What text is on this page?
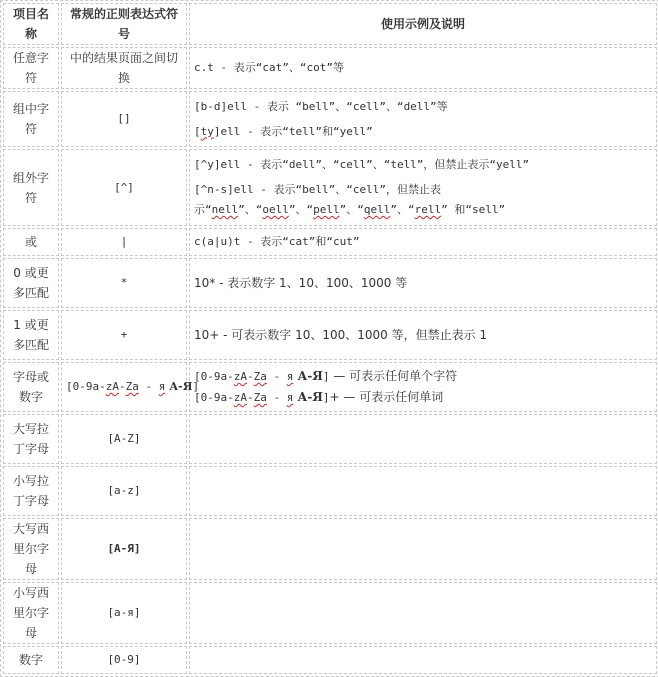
项目名称	常规的正则表达式符号	使用示例及说明
任意字符	中的结果页面之间切换	c.t - 表示“cat”、“cot”等

组中字符	[]	[b-d]ell - 表示 “bell”、“cell”、“dell”等
[ty]ell - 表示“tell”和“yell”

组外字符	[^]	[^y]ell - 表示“dell”、“cell”、“tell”，但禁止表示“yell”
[^n-s]ell - 表示“bell”、“cell”，但禁止表示“nell”、“oell”、“pell”、“qell”、“rell” 和“sell”

或	|	c(a|u)t - 表示“cat”和“cut”

0 或更多匹配	*	10* - 表示数字 1、10、100、1000 等

1 或更多匹配	+	10+ - 可表示数字 10、100、1000 等，但禁止表示 1

字母或数字	[0-9a-zA-Zа - я А-Я]	[0-9a-zA-Zа - я А-Я] — 可表示任何单个字符
[0-9a-zA-Zа - я А-Я]+ — 可表示任何单词

大写拉丁字母	[A-Z]	
小写拉丁字母	[a-z]	
大写西里尔字母	[А-Я]	
小写西里尔字母	[а-я]	
数字	[0-9]	
